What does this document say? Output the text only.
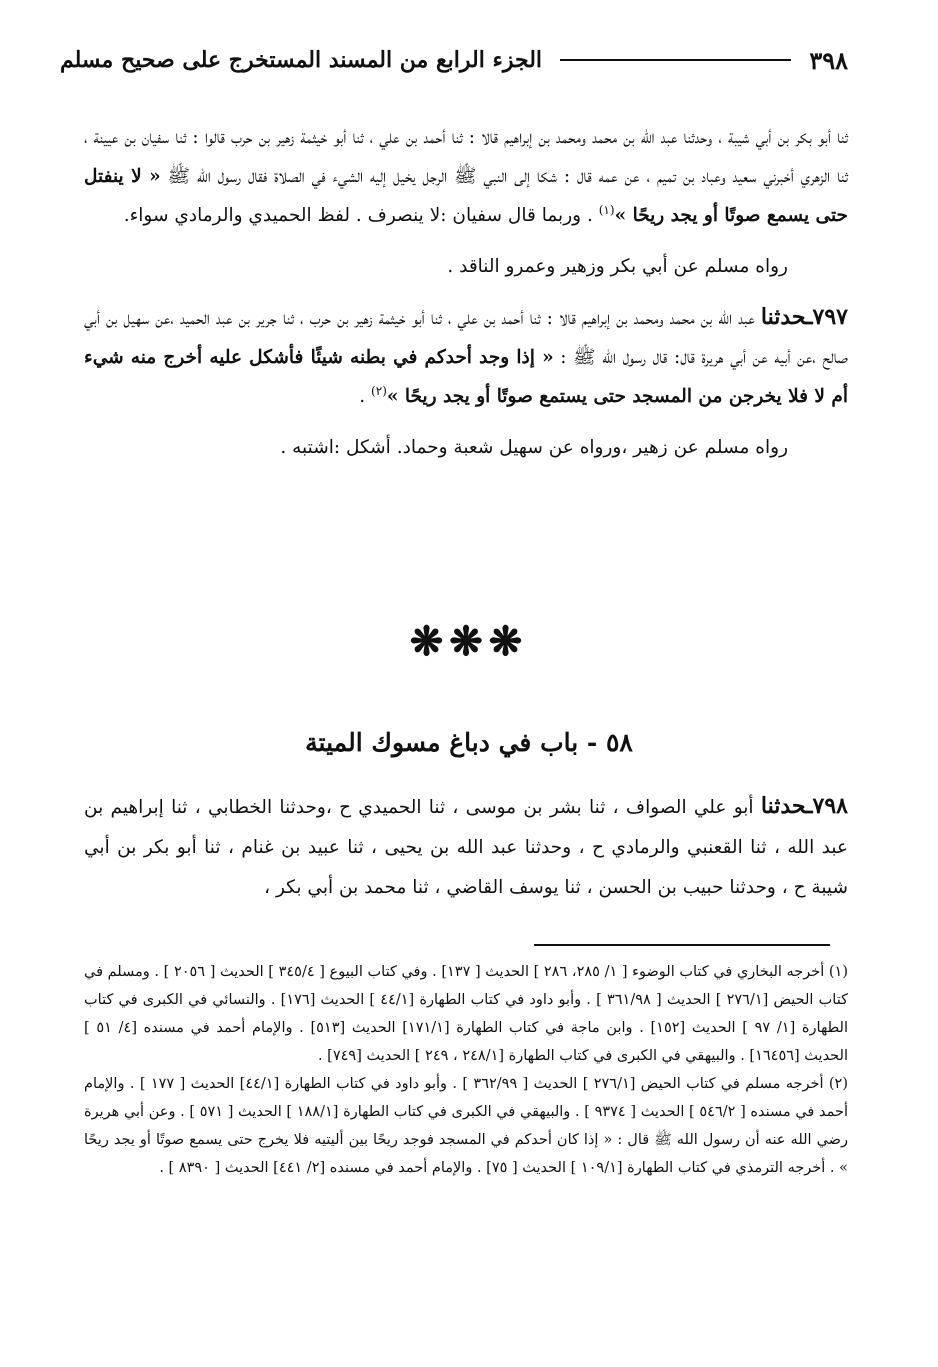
٣٩٨
الجزء الرابع من المسند المستخرج على صحيح مسلم

ثنا أبو بكر بن أبي شيبة ، وحدثنا عبد الله بن محمد ومحمد بن إبراهيم قالا : ثنا أحمد بن علي ، ثنا أبو خيثمة زهير بن حرب قالوا : ثنا سفيان بن عيينة ، ثنا الزهري أخبرني سعيد وعباد بن تميم ، عن عمه قال : شكا إلى النبي ﷺ الرجل يخيل إليه الشيء في الصلاة فقال رسول الله ﷺ « لا ينفتل حتى يسمع صوتًا أو يجد ريحًا »$^{(١)}$ . وربما قال سفيان :لا ينصرف . لفظ الحميدي والرمادي سواء.

رواه مسلم عن أبي بكر وزهير وعمرو الناقد .

٧٩٧ـحدثنا عبد الله بن محمد ومحمد بن إبراهيم قالا : ثنا أحمد بن علي ، ثنا أبو خيثمة زهير بن حرب ، ثنا جرير بن عبد الحميد ،عن سهيل بن أبي صالح ،عن أبيه عن أبي هريرة قال: قال رسول الله ﷺ : « إذا وجد أحدكم في بطنه شيئًا فأشكل عليه أخرج منه شيء أم لا فلا يخرجن من المسجد حتى يستمع صوتًا أو يجد ريحًا »$^{(٢)}$ .

رواه مسلم عن زهير ،ورواه عن سهيل شعبة وحماد. أشكل :اشتبه .

❋❋❋
٥٨ - باب في دباغ مسوك الميتة

٧٩٨ـحدثنا أبو علي الصواف ، ثنا بشر بن موسى ، ثنا الحميدي ح ،وحدثنا الخطابي ، ثنا إبراهيم بن عبد الله ، ثنا القعنبي والرمادي ح ، وحدثنا عبد الله بن يحيى ، ثنا عبيد بن غنام ، ثنا أبو بكر بن أبي شيبة ح ، وحدثنا حبيب بن الحسن ، ثنا يوسف القاضي ، ثنا محمد بن أبي بكر ،

(١) أخرجه البخاري في كتاب الوضوء [ ١/ ٢٨٥، ٢٨٦ ] الحديث [ ١٣٧] . وفي كتاب البيوع [ ٣٤٥/٤ ] الحديث [ ٢٠٥٦ ] . ومسلم في كتاب الحيض [٢٧٦/١ ] الحديث [ ٣٦١/٩٨ ] . وأبو داود في كتاب الطهارة [٤٤/١ ] الحديث [١٧٦] . والنسائي في الكبرى في كتاب الطهارة [١/ ٩٧ ] الحديث [١٥٢] . وابن ماجة في كتاب الطهارة [١٧١/١] الحديث [٥١٣] . والإمام أحمد في مسنده [٤/ ٥١ ] الحديث [١٦٤٥٦] . والبيهقي في الكبرى في كتاب الطهارة [٢٤٨/١ ، ٢٤٩ ] الحديث [٧٤٩] .

(٢) أخرجه مسلم في كتاب الحيض [٢٧٦/١ ] الحديث [ ٣٦٢/٩٩ ] . وأبو داود في كتاب الطهارة [٤٤/١] الحديث [ ١٧٧ ] . والإمام أحمد في مسنده [ ٥٤٦/٢ ] الحديث [ ٩٣٧٤ ] . والبيهقي في الكبرى في كتاب الطهارة [١٨٨/١ ] الحديث [ ٥٧١ ] . وعن أبي هريرة رضي الله عنه أن رسول الله ﷺ قال : « إذا كان أحدكم في المسجد فوجد ريحًا بين أليتيه فلا يخرج حتى يسمع صوتًا أو يجد ريحًا » . أخرجه الترمذي في كتاب الطهارة [١٠٩/١ ] الحديث [ ٧٥] . والإمام أحمد في مسنده [٢/ ٤٤١] الحديث [ ٨٣٩٠ ] .
